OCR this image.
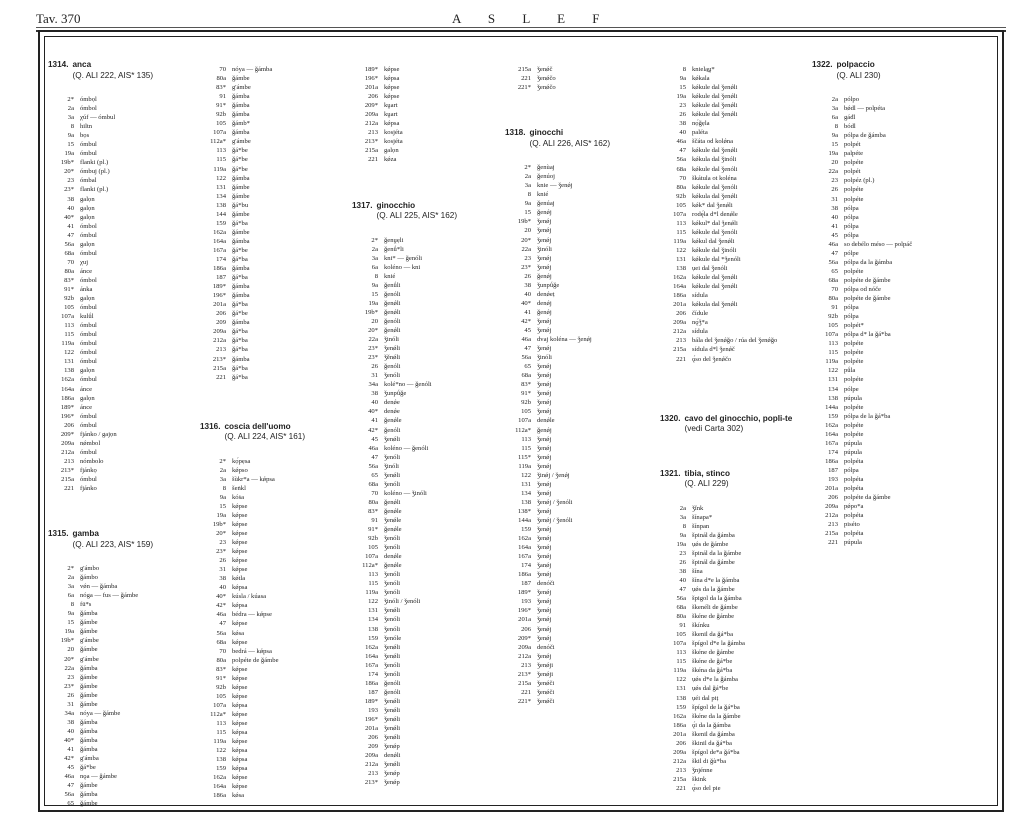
Tav. 370	A S L E F
1314. anca
(Q. ALI 222, AIS* 135)
2* ómbọl
2a ómbol
3a χúf — ómbul
8 hiltn
9a bọs
15 ómbul
19a ómbul
19b* flanki (pl.)
20* ómbuj (pl.)
23 ómbal
23* flanki (pl.)
38 galọn
40 galọn
40* galọn
41 ómbol
47 ómbul
56a galọn
68a ómbul
70 χuj
80a ánce
83* ómbol
91* ánka
92b galọn
105 ómbul
107a kulǘl
113 ómbul
115 ómbul
119a ómbul
122 ómbul
131 ómbul
138 galọn
162a ómbul
164a ánce
186a galọn
189* ánce
196* ómbul
206 ómbul
209* fjánko / gajọn
209a nǿmbol
212a ómbul
213 nómbolo
213* fjánkọ
215a ómbul
221 fjánko
1315. gamba
(Q. ALI 223, AIS* 159)
2* g'ámbo
2a ǧámbo
3a vǿn — ǧámba
6a nóga — fus — ǧámbe
8 fü*s
9a ǧámba
15 ǧámbe
19a ǧámbe
19b* g'ámbe
20 ǧámbe
20* g'ámbe
22a ǧámba
23 ǧámbe
23* ǧámbe
26 ǧámbe
31 ǧámbe
34a nóya — ǧámbe
38 ǧámba
40 ǧámba
40* ǧámba
41 ǧámba
42* g'ámba
45 ǧá*be
46a nǫa — ǧámbe
47 ǧámbe
56a ǧámba
65 ǧámbe
70 nóya — ǧámba
80a ǧámbe
83* g'ámbe
91 ǧámba
91* ǧámba
92b ǧámba
105 ǧámb*
107a ǧámba
112a* g'ámbe
113 ǧá*be
115 ǧá*be
119a ǧá*be
122 ǧámba
131 ǧámbe
134 ǧámbe
138 ǧá*bu
144 ǧámbe
159 ǧá*ba
162a ǧámbe
164a ǧámba
167a ǧá*be
174 ǧá*ba
186a ǧámba
187 ǧá*ba
189* ǧámba
196* ǧámba
201a ǧá*ba
206 ǧá*be
209 ǧámba
209a ǧá*ba
212a ǧá*ba
213 ǧá*ba
213* ǧámba
215a ǧá*ba
221 ǧá*ba
1316. coscia dell'uomo
(Q. ALI 224, AIS* 161)
2* kọ́pẹsa
2a kǿpso
3a šùkr*a — kǿpsa
8 šeṅkl
9a kóṡa
15 kǿpse
19a kǿpse
19b* kǿpse
20* kǿpse
23 kǿpse
23* kǿpse
26 kǿpse
31 kǿpse
38 kǿtla
40 kǿpsa
40* kúsla / kúasa
42* kǿpsa
46a bédra — kǿpse
47 kǿpse
56a kǿsa
68a kǿpse
70 bedrá — kǿpsa
80a polpéte de ǧámbe
83* kǿpse
91* kǿpse
92b kǿpse
105 kǿpse
107a kǿpsa
112a* kǿpse
113 kǿpse
115 kǿpsa
119a kǿpse
122 kǿpsa
138 kǿpsa
159 kǿpsa
162a kǿpse
164a kǿpse
186a kǿsa
189* kǿpse
196* kǿpsa
201a kǿpse
206 kǿpse
209* kṷart
209a kṷart
212a kǿpsa
213 kosjéta
213* kosjéta
215a galọn
221 kǿza
1317. ginocchio
(Q. ALI 225, AIS* 162)
2* ǧenṷẹli
2a ǧenǘ*li
3a kni* — ǧenóli
6a koléno — kni
8 knié
9a ǧenǘli
15 ǧenóli
19a ǧenǿli
19b* ǧenǿli
20 ǧenóli
20* ǧenǿli
22a ǯinóli
23* ǯenǿli
23* ǯěnǿli
26 ǧenóli
31 ǯenóli
34a kolé*no — ǧenóli
38 ǯunpǘǧe
40 denǿe
40* denǿe
41 ǧenǿle
42* ǧenóli
45 ǯenǿli
46a koléno — ǧenóli
47 ǯenóli
56a ǯinóli
65 ǯenǿli
68a ǯenóli
70 koléno — ǯinóli
80a ǧenǿli
83* ǧenǿle
91 ǯenǿle
91* ǧenǿle
92b ǯenóli
105 ǯenóli
107a denǿle
112a* ǧenǿle
113 ǯenóli
115 ǯenóli
119a ǯenóli
122 ǯinóli / ǯenóli
131 ǯenǿli
134 ǯenóli
138 ǯenóli
159 ǯenóle
162a ǯenǿli
164a ǯenǿli
167a ǯenóli
174 ǯenóli
186a ǧenóli
187 ǧenóli
189* ǯenǿli
193 ǯenǿli
196* ǯenǿli
201a ǯenǿli
206 ǯenǿli
209 ǯenǿp
209a denǿli
212a ǯenǿli
213 ǯenǿp
213* ǯenǿp
215a ǯenǿč
221 ǯenǿčo
221* ǯenǿčo
1318. ginocchi
(Q. ALI 226, AIS* 162)
2* ǧenùaj
2a ǧenúoj
3a knie — ǯenǿj
8 knié
9a ǧenúaj
15 ǧenǿj
19b* ǯenǿj
20 ǯenǿj
20* ǯenǿj
22a ǯinóli
23 ǯenǿj
23* ǯenǿj
26 ǧenǿj
38 ǯunpǘǧe
40 denǿeṭ
40* denǿj
41 ǧenǿj
42* ǯenǿj
45 ǯenǿj
46a dvaj koléna — ǯenǿj
47 ǯenǿj
56a ǯinóli
65 ǯenǿj
68a ǯenǿj
83* ǯenǿj
91* ǯenǿj
92b ǯenǿj
105 ǯenǿj
107a denǿle
112a* ǧenǿj
113 ǯenǿj
115 ǯenǿj
115* ǯenǿj
119a ǯenǿj
122 ǯinǿj / ǯenǿj
131 ǯenǿj
134 ǯenǿj
138 ǯenǿj / ǯenóli
138* ǯenǿj
144a ǯenǿj / ǯenóli
159 ǯenǿj
162a ǯenǿj
164a ǯenǿj
167a ǯenǿj
174 ǯanǿj
186a ǯenǿj
187 denóči
189* ǯenǿj
193 ǯenǿj
196* ǯenǿj
201a ǯenǿj
206 ǯenǿj
209* ǯenǿj
209a denóči
212a ǯenǿj
213 ǯenǿji
213* ǯenǿji
215a ǯenǿči
221 ǯenǿči
221* ǯenǿči
8 kniela͜ṷ*
9a kǿkala
15 kǿkule dal ǯenǿli
19a kǿkule dal ǯenǿli
23 kǿkule dal ǯenǿli
26 kǿkule dal ǯenǿli
38 nọ́ǧẹla
40 paléta
46a ščáta od kolǿna
47 kǿkule dal ǯenǿli
56a kǿkula dal ǯinóli
68a kǿkule dal ǯenóli
70 škátula ot koléna
80a kǿkule dal ǯenóli
92b kǿkula dal ǯenǿli
105 kǿk* dal ǯenǿli
107a rodę́la d*l denǿle
113 kǿkul* dal ǯenǿli
115 kǿkule dal ǯenóli
119a kǿkul dal ǯenǿli
122 kǿkule dal ǯinóli
131 kǿkule dal *ǯenóli
138 ụei dal ǯenóli
162a kǿkule dal ǯenǿli
164a kǿkule dal ǯenǿli
186a sídula
201a kǿkula dal ǯenǿli
206 čídule
209a nǫ́ǯ*a
212a sídula
213 bála del ǯenǿǧo / rúa del ǯenǿǧo
215a sídula d*l ǯenǿč
221 ǫ́so del ǯenǿčo
1320. cavo del ginocchio, popli-te
(vedi Carta 302)
1321. tibia, stinco
(Q. ALI 229)
2a ǯǐnk
3a šínapa*
8 šínpan
9a špinál da ǧámba
19a ụǿs de ǧámbe
23 špinál da la ǧámbe
26 špinál da ǧámbe
38 šína
40 šína d*e la ǧámba
47 ụǿs da la ǧámbe
56a špigol da la ǧámba
68a škenéli de ǧámbe
80a škéne de ǧámbe
91 škínku
105 škenil da ǧá*ba
107a špígol d*e la ǧámba
113 škéne de ǧámbe
115 škéne de ǧá*be
119a škéna da ǧá*ba
122 ụǿs d*e la ǧámba
131 ụǿs dal ǧá*be
138 ụéi dal piṭ
159 špígol de la ǧá*ba
162a škéne da la ǧámbe
186a ǫ́i da la ǧámba
201a škenil da ǧámba
206 škinil da ǧá*ba
209a špígol de*a ǧá*ba
212a škil di ǧù*ba
213 ǯnjénne
215a škink
221 ǫ́so del pie
1322. polpaccio
(Q. ALI 230)
2a pólpo
3a bǿdl — polpéta
6a gáđl
8 bódl
9a pólpa de ǧámba
15 polpét
19a palpéte
20 polpéte
22a polpét
23 polpéz (pl.)
26 polpéte
31 polpéte
38 pólpa
40 pólpa
41 pólpa
45 pólpa
46a so debélo méso — polpáč
47 pólpe
56a pólpa da la ǧámba
65 polpéte
68a polpéte de ǧámbe
70 pólpa od nóče
80a polpéte de ǧámbe
91 pólpa
92b pólpa
105 polpét*
107a pólpa d* la ǧá*ba
113 polpéte
115 polpéte
119a polpéte
122 pǘla
131 polpéte
134 pólpe
138 púpula
144a polpéte
159 pólpa de la ǧá*ba
162a polpéte
164a polpéte
167a púpula
174 púpula
186a polpéta
187 pólpa
193 polpéta
201a polpéta
206 polpéte da ǧámbe
209a pǿpo*a
212a polpéta
213 piséto
215a polpéta
221 púpula
